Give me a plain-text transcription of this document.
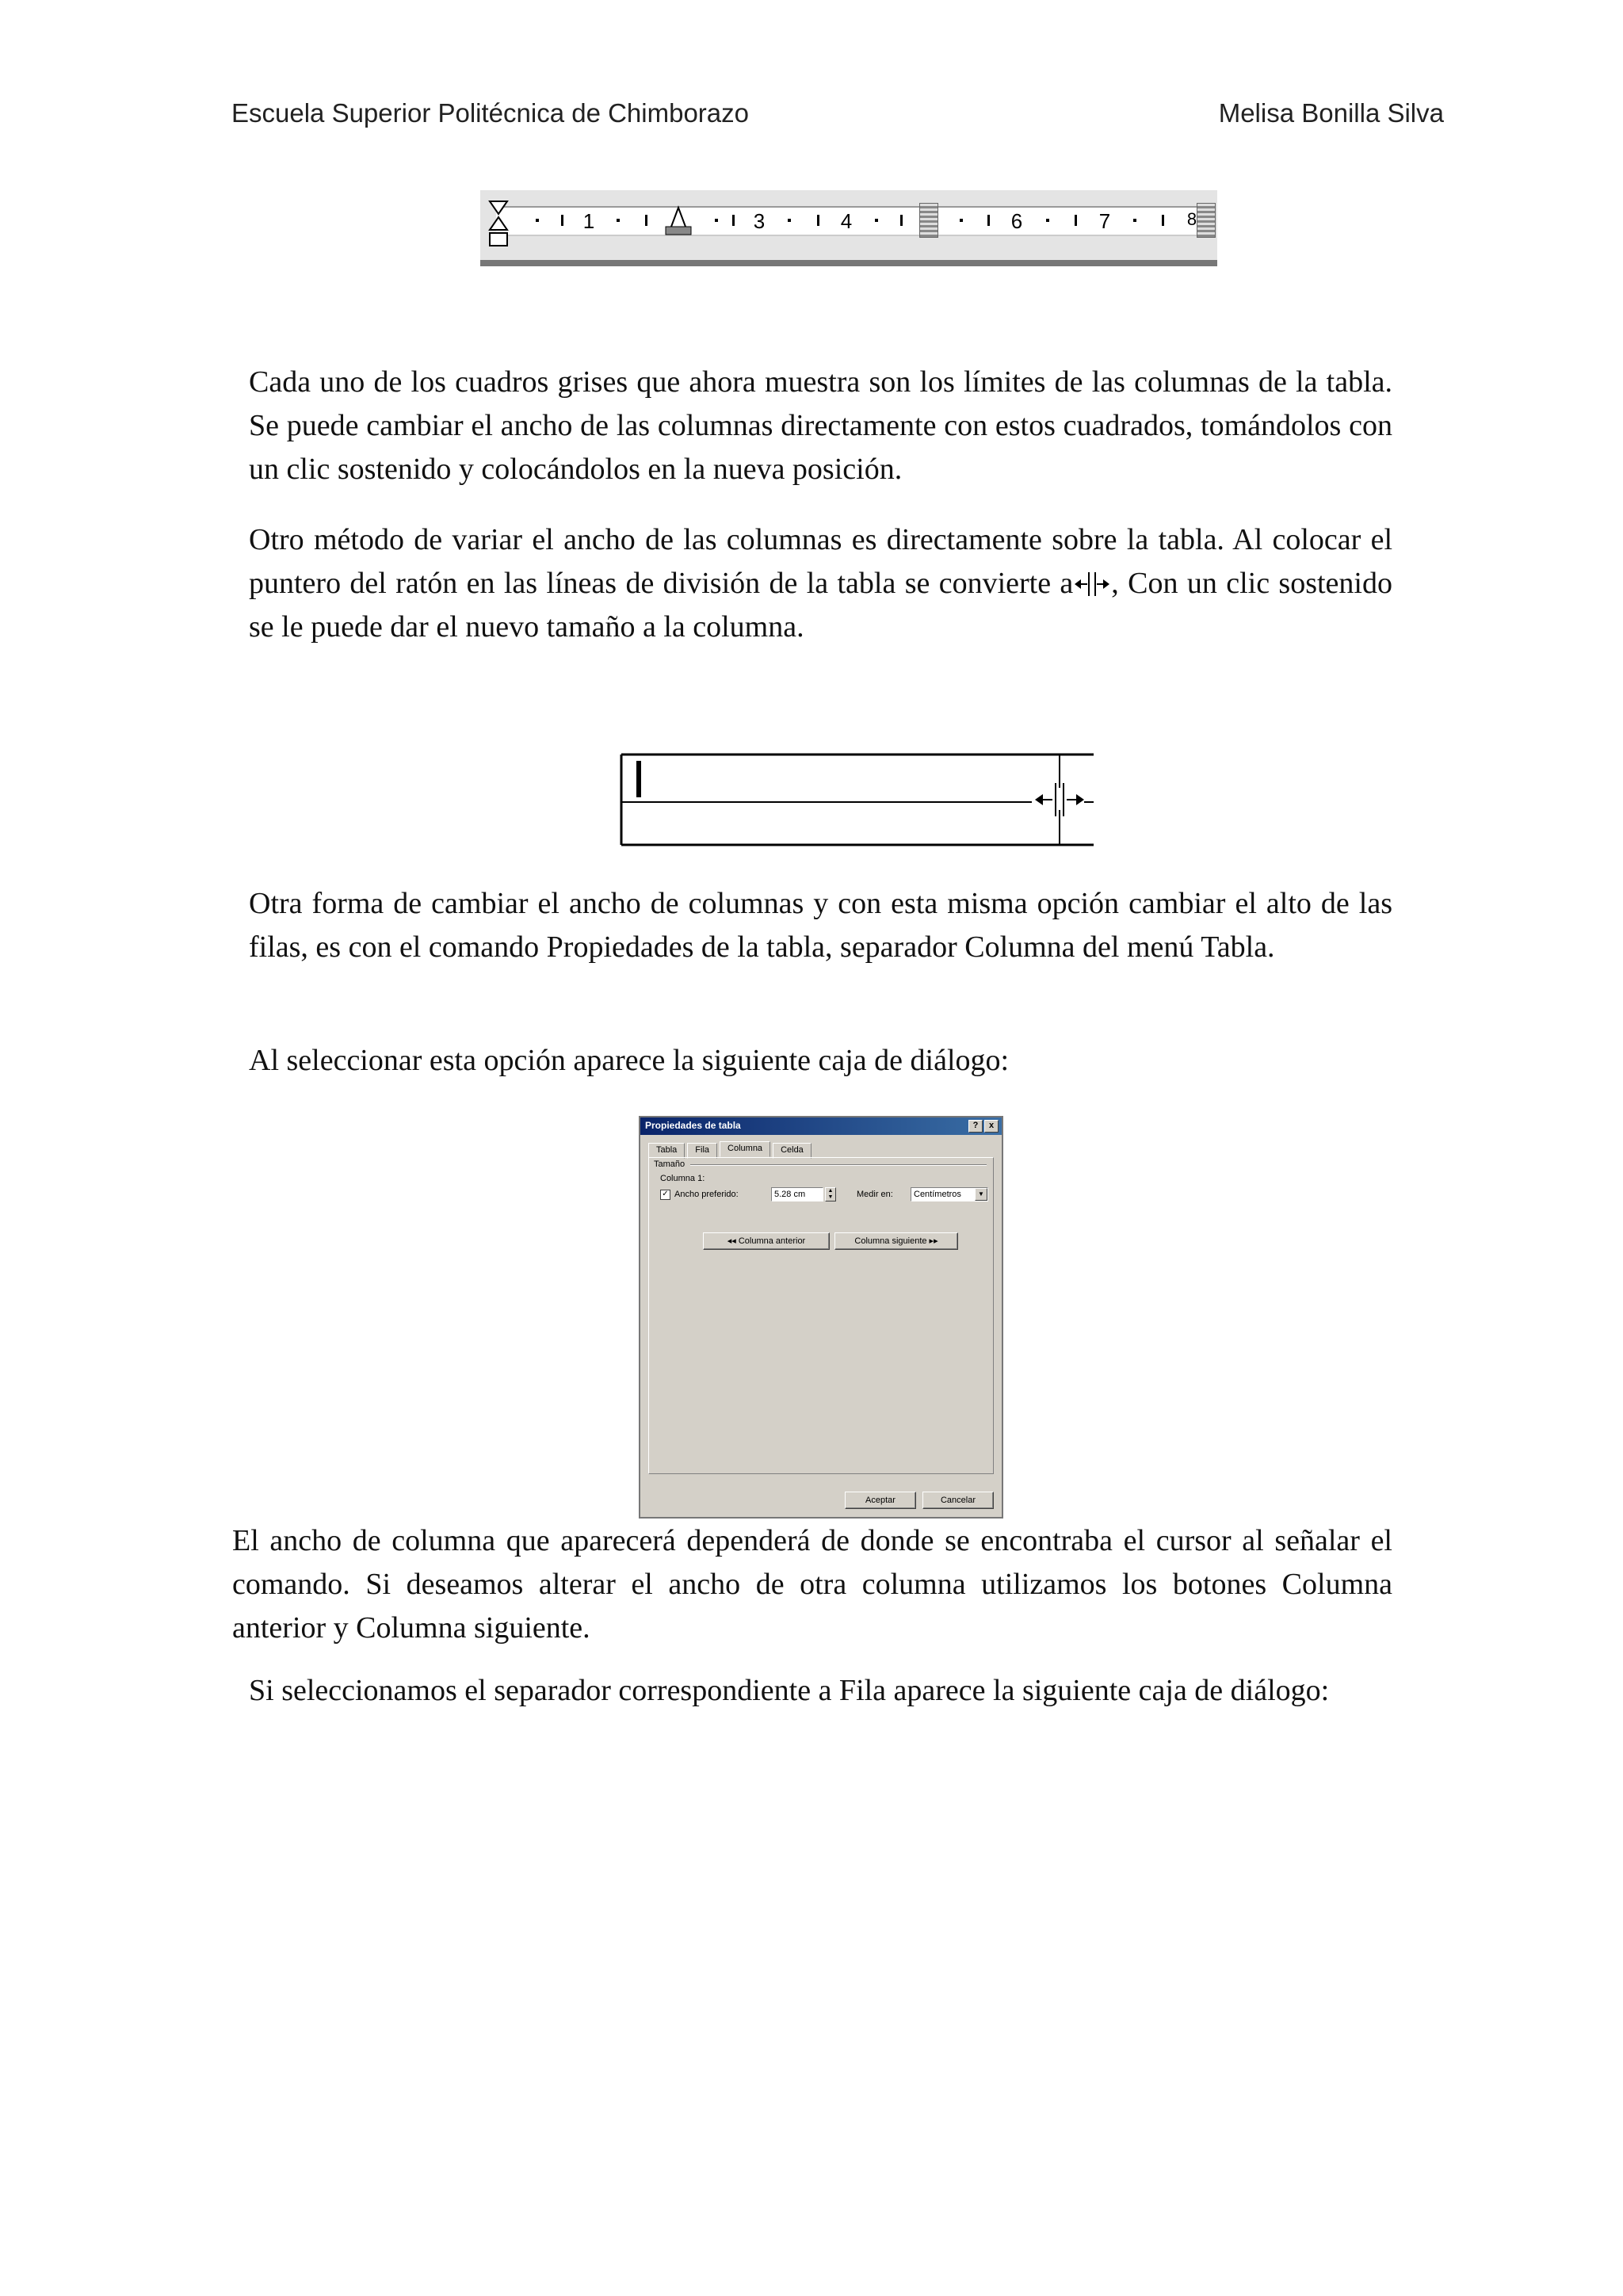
Escuela Superior Politécnica de Chimborazo	Melisa Bonilla Silva
1	3	4	6	7	8

Cada uno de los cuadros grises que ahora muestra son los límites de las columnas de la tabla. Se puede cambiar el ancho de las columnas directamente con estos cuadrados, tomándolos con un clic sostenido y colocándolos en la nueva posición.

Otro método de variar el ancho de las columnas es directamente sobre la tabla. Al colocar el puntero del ratón en las líneas de división de la tabla se convierte a , Con un clic sostenido se le puede dar el nuevo tamaño a la columna.

Otra forma de cambiar el ancho de columnas y con esta misma opción cambiar el alto de las filas, es con el comando Propiedades de la tabla, separador Columna del menú Tabla.

Al seleccionar esta opción aparece la siguiente caja de diálogo:

Propiedades de tabla	?	x
Tabla	Fila	Columna	Celda
Tamaño
Columna 1:
✓ Ancho preferido:	5.28 cm	▲
▼	Medir en:	Centímetros	▼
◂◂ Columna anterior	Columna siguiente ▸▸
Aceptar	Cancelar

El ancho de columna que aparecerá dependerá de donde se encontraba el cursor al señalar el comando. Si deseamos alterar el ancho de otra columna utilizamos los botones Columna anterior y Columna siguiente.

Si seleccionamos el separador correspondiente a Fila aparece la siguiente caja de diálogo:
